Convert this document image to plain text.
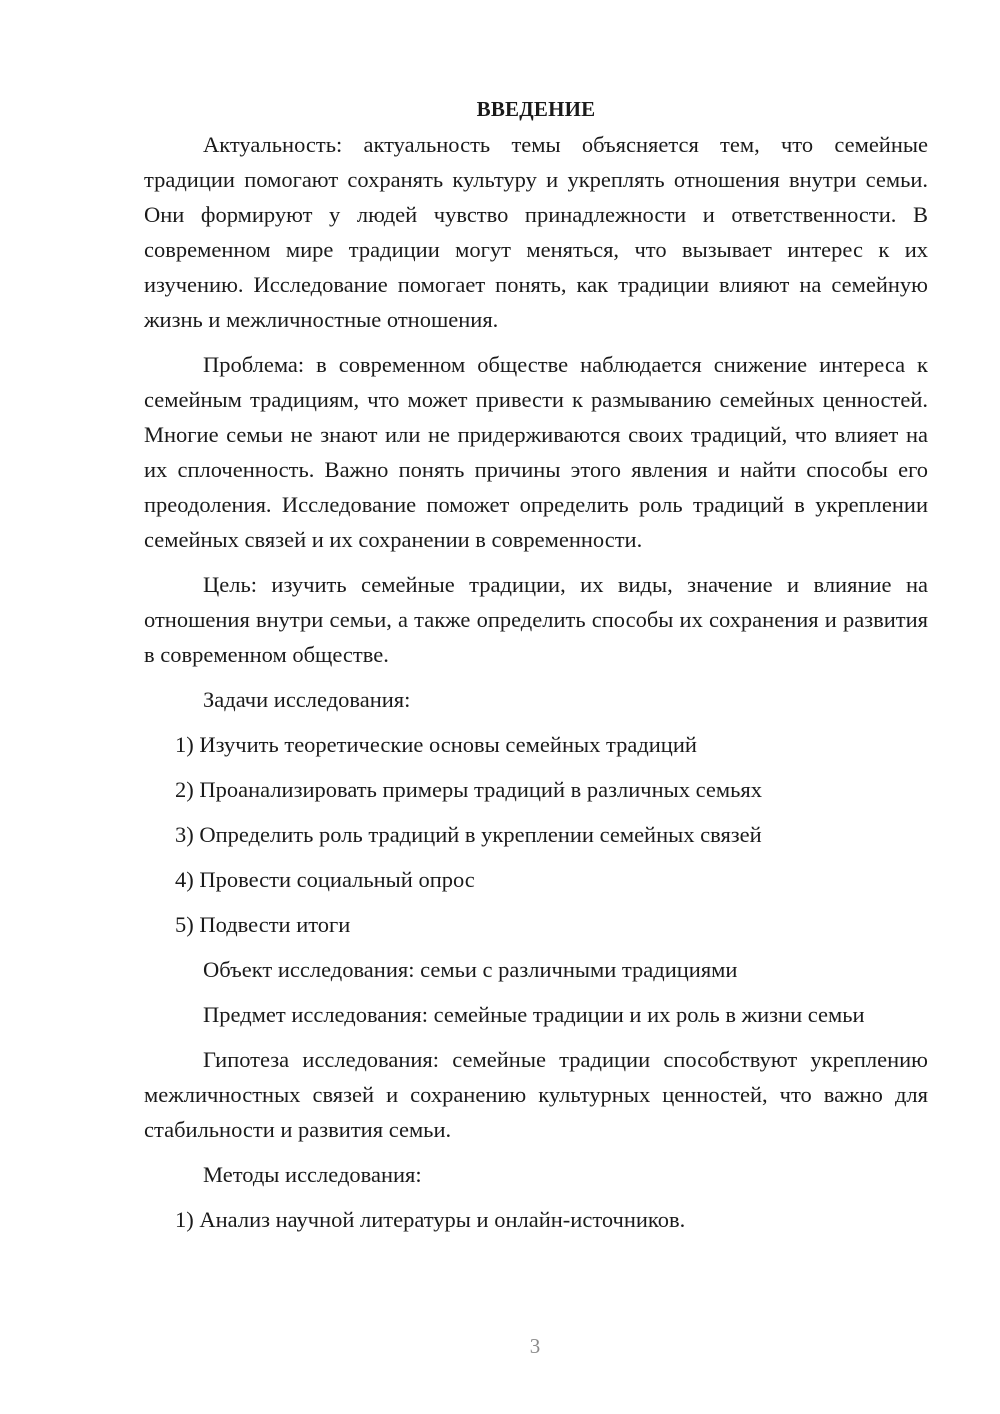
ВВЕДЕНИЕ

Актуальность: актуальность темы объясняется тем, что семейные традиции помогают сохранять культуру и укреплять отношения внутри семьи. Они формируют у людей чувство принадлежности и ответственности. В современном мире традиции могут меняться, что вызывает интерес к их изучению. Исследование помогает понять, как традиции влияют на семейную жизнь и межличностные отношения.

Проблема: в современном обществе наблюдается снижение интереса к семейным традициям, что может привести к размыванию семейных ценностей. Многие семьи не знают или не придерживаются своих традиций, что влияет на их сплоченность. Важно понять причины этого явления и найти способы его преодоления. Исследование поможет определить роль традиций в укреплении семейных связей и их сохранении в современности.

Цель: изучить семейные традиции, их виды, значение и влияние на отношения внутри семьи, а также определить способы их сохранения и развития в современном обществе.

Задачи исследования:

1) Изучить теоретические основы семейных традиций

2) Проанализировать примеры традиций в различных семьях

3) Определить роль традиций в укреплении семейных связей

4) Провести социальный опрос

5) Подвести итоги

Объект исследования: семьи с различными традициями

Предмет исследования: семейные традиции и их роль в жизни семьи

Гипотеза исследования: семейные традиции способствуют укреплению межличностных связей и сохранению культурных ценностей, что важно для стабильности и развития семьи.

Методы исследования:

1) Анализ научной литературы и онлайн-источников.

3
